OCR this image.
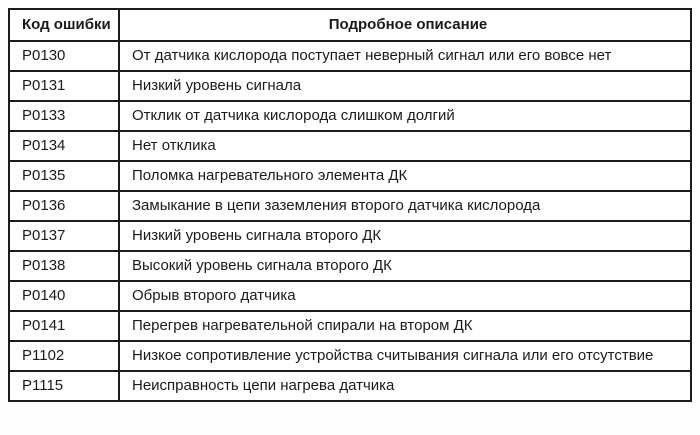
Код ошибки	Подробное описание
P0130	От датчика кислорода поступает неверный сигнал или его вовсе нет
P0131	Низкий уровень сигнала
P0133	Отклик от датчика кислорода слишком долгий
P0134	Нет отклика
P0135	Поломка нагревательного элемента ДК
P0136	Замыкание в цепи заземления второго датчика кислорода
P0137	Низкий уровень сигнала второго ДК
P0138	Высокий уровень сигнала второго ДК
P0140	Обрыв второго датчика
P0141	Перегрев нагревательной спирали на втором ДК
P1102	Низкое сопротивление устройства считывания сигнала или его отсутствие
P1115	Неисправность цепи нагрева датчика
